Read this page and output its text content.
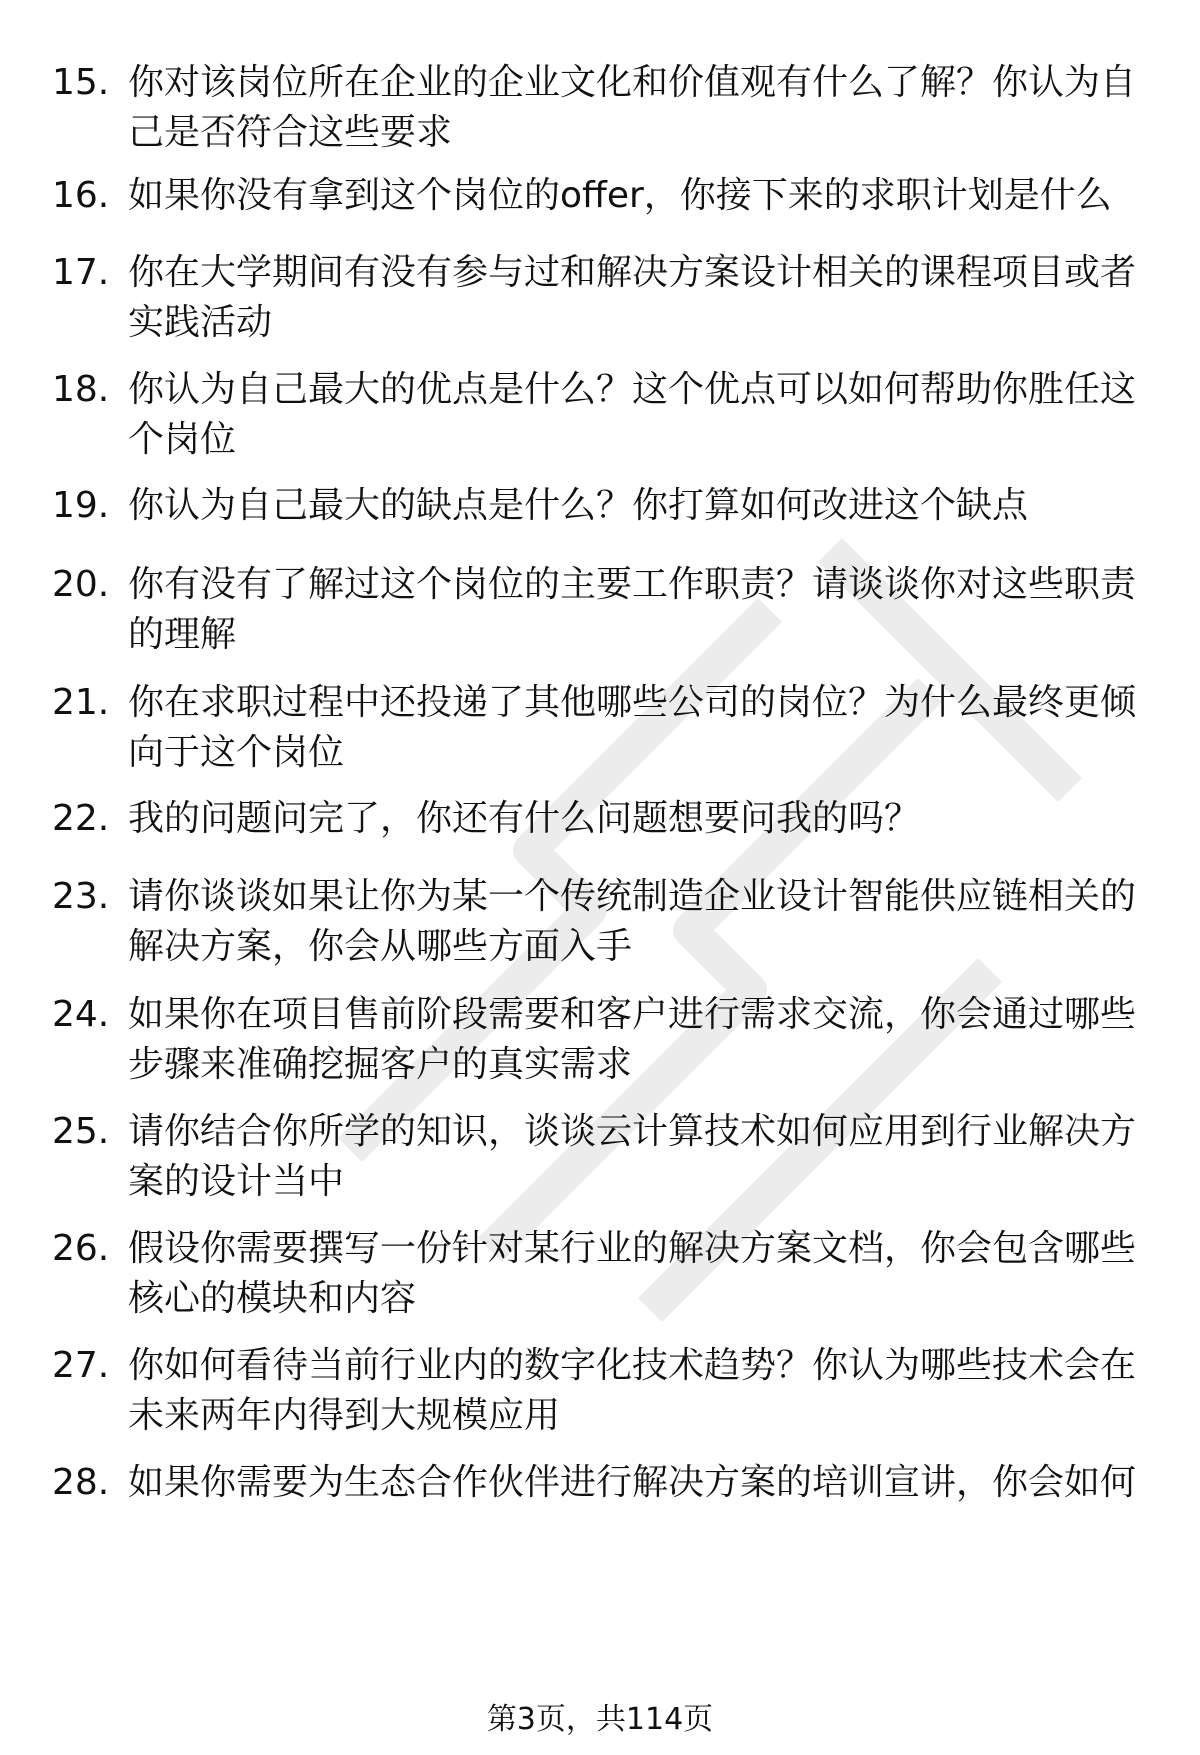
15. 你对该岗位所在企业的企业文化和价值观有什么了解？你认为自
己是否符合这些要求
16. 如果你没有拿到这个岗位的offer，你接下来的求职计划是什么
17. 你在大学期间有没有参与过和解决方案设计相关的课程项目或者
实践活动
18. 你认为自己最大的优点是什么？这个优点可以如何帮助你胜任这
个岗位
19. 你认为自己最大的缺点是什么？你打算如何改进这个缺点
20. 你有没有了解过这个岗位的主要工作职责？请谈谈你对这些职责
的理解
21. 你在求职过程中还投递了其他哪些公司的岗位？为什么最终更倾
向于这个岗位
22. 我的问题问完了，你还有什么问题想要问我的吗？
23. 请你谈谈如果让你为某一个传统制造企业设计智能供应链相关的
解决方案，你会从哪些方面入手
24. 如果你在项目售前阶段需要和客户进行需求交流，你会通过哪些
步骤来准确挖掘客户的真实需求
25. 请你结合你所学的知识，谈谈云计算技术如何应用到行业解决方
案的设计当中
26. 假设你需要撰写一份针对某行业的解决方案文档，你会包含哪些
核心的模块和内容
27. 你如何看待当前行业内的数字化技术趋势？你认为哪些技术会在
未来两年内得到大规模应用
28. 如果你需要为生态合作伙伴进行解决方案的培训宣讲，你会如何
第3页，共114页
